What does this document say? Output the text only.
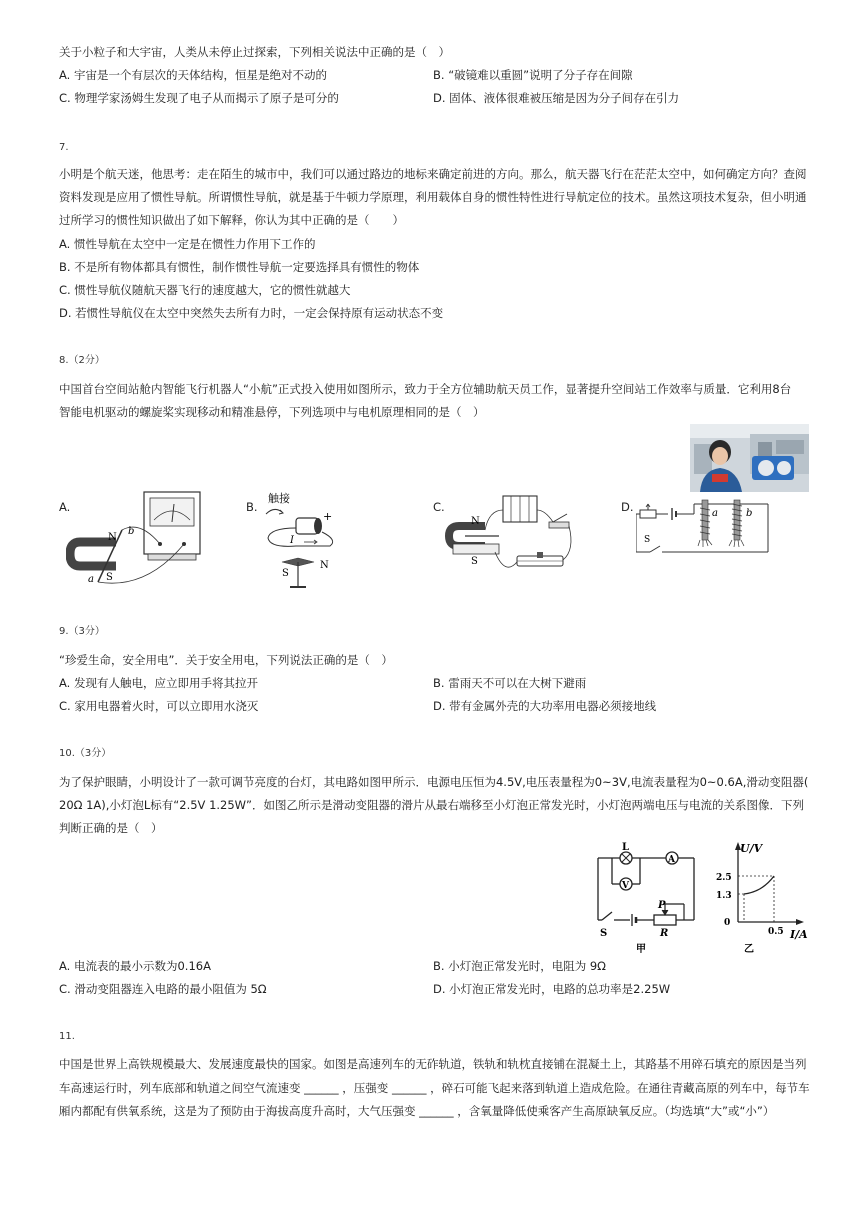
关于小粒子和大宇宙，人类从未停止过探索，下列相关说法中正确的是（　）
A. 宇宙是一个有层次的天体结构，恒星是绝对不动的	B. “破镜难以重圆”说明了分子存在间隙
C. 物理学家汤姆生发现了电子从而揭示了原子是可分的	D. 固体、液体很难被压缩是因为分子间存在引力
7.
小明是个航天迷，他思考：走在陌生的城市中，我们可以通过路边的地标来确定前进的方向。那么，航天器飞行在茫茫太空中，如何确定方向？查阅
资料发现是应用了惯性导航。所谓惯性导航，就是基于牛顿力学原理，利用载体自身的惯性特性进行导航定位的技术。虽然这项技术复杂，但小明通
过所学习的惯性知识做出了如下解释，你认为其中正确的是（　　）
A. 惯性导航在太空中一定是在惯性力作用下工作的
B. 不是所有物体都具有惯性，制作惯性导航一定要选择具有惯性的物体
C. 惯性导航仪随航天器飞行的速度越大，它的惯性就越大
D. 若惯性导航仪在太空中突然失去所有力时，一定会保持原有运动状态不变
8.（2分）
中国首台空间站舱内智能飞行机器人“小航”正式投入使用如图所示，致力于全方位辅助航天员工作，显著提升空间站工作效率与质量．它利用8台
智能电机驱动的螺旋桨实现移动和精准悬停，下列选项中与电机原理相同的是（　）
A.	B.	C.	D.
N
S
a
b
触接
+
I
S
N
N
S
a	b
S
9.（3分）
“珍爱生命，安全用电”．关于安全用电，下列说法正确的是（　）
A. 发现有人触电，应立即用手将其拉开	B. 雷雨天不可以在大树下避雨
C. 家用电器着火时，可以立即用水浇灭	D. 带有金属外壳的大功率用电器必须接地线
10.（3分）
为了保护眼睛，小明设计了一款可调节亮度的台灯，其电路如图甲所示．电源电压恒为4.5V,电压表量程为0~3V,电流表量程为0~0.6A,滑动变阻器(
20Ω 1A),小灯泡L标有“2.5V 1.25W”．如图乙所示是滑动变阻器的滑片从最右端移至小灯泡正常发光时，小灯泡两端电压与电流的关系图像．下列
判断正确的是（　）
L
A
V
P
S	R
甲
U/V
I/A
2.5
1.3
0
0.5
乙
A. 电流表的最小示数为0.16A	B. 小灯泡正常发光时，电阻为 9Ω
C. 滑动变阻器连入电路的最小阻值为 5Ω	D. 小灯泡正常发光时，电路的总功率是2.25W
11.
中国是世界上高铁规模最大、发展速度最快的国家。如图是高速列车的无砟轨道，铁轨和轨枕直接铺在混凝土上，其路基不用碎石填充的原因是当列
车高速运行时，列车底部和轨道之间空气流速变 ______ ，压强变 ______ ，碎石可能飞起来落到轨道上造成危险。在通往青藏高原的列车中，每节车
厢内都配有供氧系统，这是为了预防由于海拔高度升高时，大气压强变 ______ ，含氧量降低使乘客产生高原缺氧反应。（均选填“大”或“小”）
